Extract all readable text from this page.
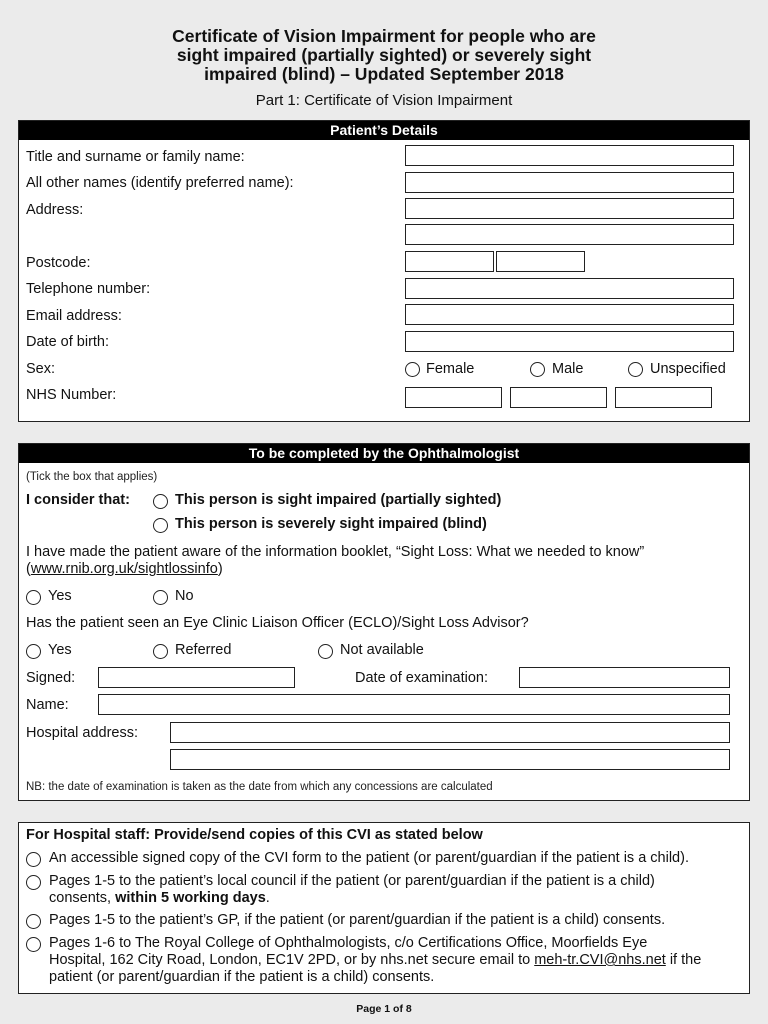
Certificate of Vision Impairment for people who are
sight impaired (partially sighted) or severely sight
impaired (blind) – Updated September 2018
Part 1: Certificate of Vision Impairment
Patient’s Details
Title and surname or family name:
All other names (identify preferred name):
Address:
Postcode:
Telephone number:
Email address:
Date of birth:
Sex:	Female	Male	Unspecified
NHS Number:
To be completed by the Ophthalmologist
(Tick the box that applies)
I consider that:	This person is sight impaired (partially sighted)
This person is severely sight impaired (blind)
I have made the patient aware of the information booklet, “Sight Loss: What we needed to know”
(www.rnib.org.uk/sightlossinfo)
Yes	No
Has the patient seen an Eye Clinic Liaison Officer (ECLO)/Sight Loss Advisor?
Yes	Referred	Not available
Signed:	Date of examination:
Name:
Hospital address:
NB: the date of examination is taken as the date from which any concessions are calculated
For Hospital staff: Provide/send copies of this CVI as stated below
An accessible signed copy of the CVI form to the patient (or parent/guardian if the patient is a child).
Pages 1-5 to the patient’s local council if the patient (or parent/guardian if the patient is a child)
consents, within 5 working days.
Pages 1-5 to the patient’s GP, if the patient (or parent/guardian if the patient is a child) consents.
Pages 1-6 to The Royal College of Ophthalmologists, c/o Certifications Office, Moorfields Eye
Hospital, 162 City Road, London, EC1V 2PD, or by nhs.net secure email to meh-tr.CVI@nhs.net if the
patient (or parent/guardian if the patient is a child) consents.
Page 1 of 8
